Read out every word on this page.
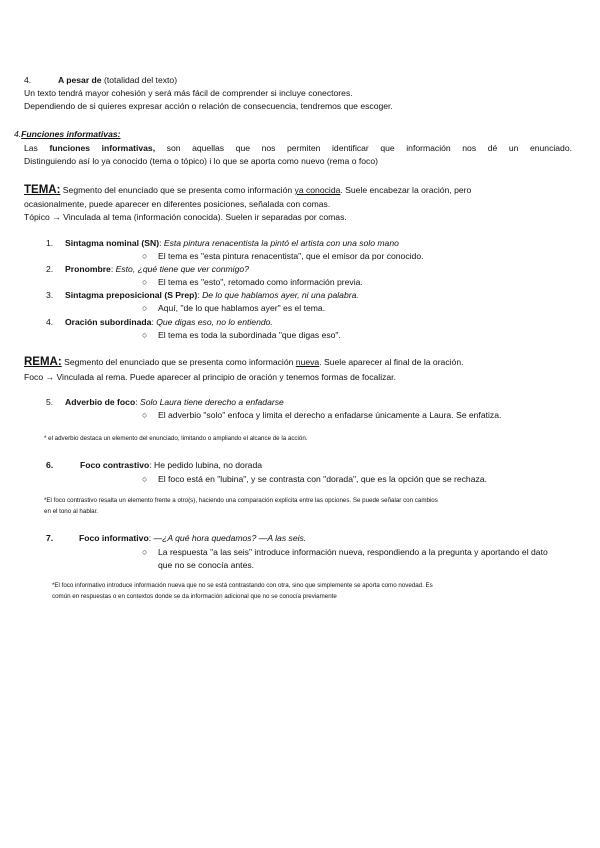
4.	A pesar de (totalidad del texto)
Un texto tendrá mayor cohesión y será más fácil de comprender si incluye conectores.
Dependiendo de si quieres expresar acción o relación de consecuencia, tendremos que escoger.
4.Funciones informativas:
Las funciones informativas, son aquellas que nos permiten identificar que información nos dé un enunciado.
Distinguiendo así lo ya conocido (tema o tópico) i lo que se aporta como nuevo (rema o foco)
TEMA: Segmento del enunciado que se presenta como información ya conocida. Suele encabezar la oración, pero
ocasionalmente, puede aparecer en diferentes posiciones, señalada con comas.
Tópico → Vinculada al tema (información conocida). Suelen ir separadas por comas.
1. Sintagma nominal (SN): Esta pintura renacentista la pintó el artista con una solo mano
○ El tema es "esta pintura renacentista", que el emisor da por conocido.
2. Pronombre: Esto, ¿qué tiene que ver conmigo?
○ El tema es "esto", retomado como información previa.
3. Sintagma preposicional (S Prep): De lo que hablamos ayer, ni una palabra.
○ Aquí, "de lo que hablamos ayer" es el tema.
4. Oración subordinada: Que digas eso, no lo entiendo.
○ El tema es toda la subordinada "que digas eso".
REMA: Segmento del enunciado que se presenta como información nueva. Suele aparecer al final de la oración.
Foco → Vinculada al rema. Puede aparecer al principio de oración y tenemos formas de focalizar.
5. Adverbio de foco: Solo Laura tiene derecho a enfadarse
○ El adverbio "solo" enfoca y limita el derecho a enfadarse únicamente a Laura. Se enfatiza.
* el adverbio destaca un elemento del enunciado, limitando o ampliando el alcance de la acción.
6.	Foco contrastivo: He pedido lubina, no dorada
○ El foco está en "lubina", y se contrasta con "dorada", que es la opción que se rechaza.
*El foco contrastivo resalta un elemento frente a otro(s), haciendo una comparación explícita entre las opciones. Se puede señalar con cambios
en el tono al hablar.
7.	Foco informativo: —¿A qué hora quedamos? —A las seis.
○ La respuesta "a las seis" introduce información nueva, respondiendo a la pregunta y aportando el dato
que no se conocía antes.
*El foco informativo introduce información nueva que no se está contrastando con otra, sino que simplemente se aporta como novedad. Es
común en respuestas o en contextos donde se da información adicional que no se conocía previamente
